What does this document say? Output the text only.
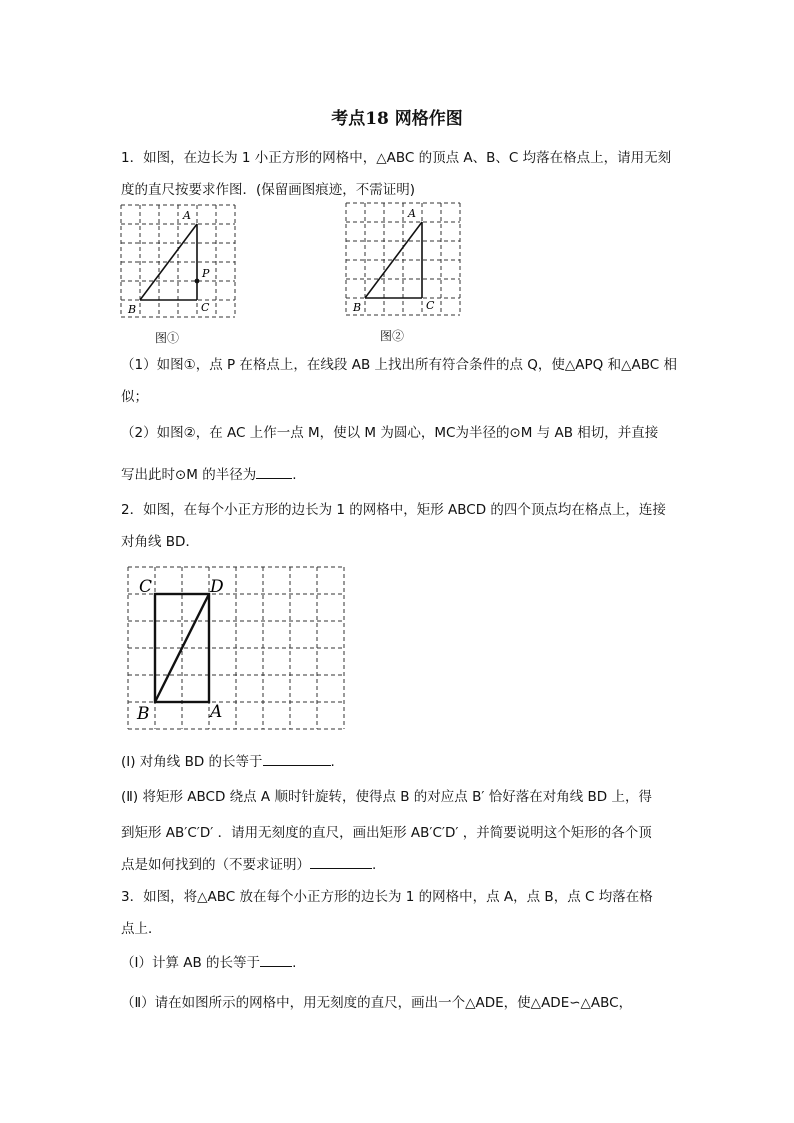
考点18 网格作图
1．如图，在边长为 1 小正方形的网格中，△ABC 的顶点 A、B、C 均落在格点上，请用无刻
度的直尺按要求作图．(保留画图痕迹，不需证明)
A
B	C
P
图①
A
B	C
图②
（1）如图①，点 P 在格点上，在线段 AB 上找出所有符合条件的点 Q，使△APQ 和△ABC 相
似；
（2）如图②，在 AC 上作一点 M，使以 M 为圆心，MC为半径的⊙M 与 AB 相切，并直接
写出此时⊙M 的半径为	.
2．如图，在每个小正方形的边长为 1 的网格中，矩形 ABCD 的四个顶点均在格点上，连接
对角线 BD．
C	D
B	A
(I) 对角线 BD 的长等于	.
(Ⅱ) 将矩形 ABCD 绕点 A 顺时针旋转，使得点 B 的对应点 B′ 恰好落在对角线 BD 上，得
到矩形 AB′C′D′ ．请用无刻度的直尺，画出矩形 AB′C′D′ ，并简要说明这个矩形的各个顶
点是如何找到的（不要求证明）	.
3．如图，将△ABC 放在每个小正方形的边长为 1 的网格中，点 A，点 B，点 C 均落在格
点上．
（Ⅰ）计算 AB 的长等于 .
（Ⅱ）请在如图所示的网格中，用无刻度的直尺，画出一个△ADE，使△ADE∽△ABC，
